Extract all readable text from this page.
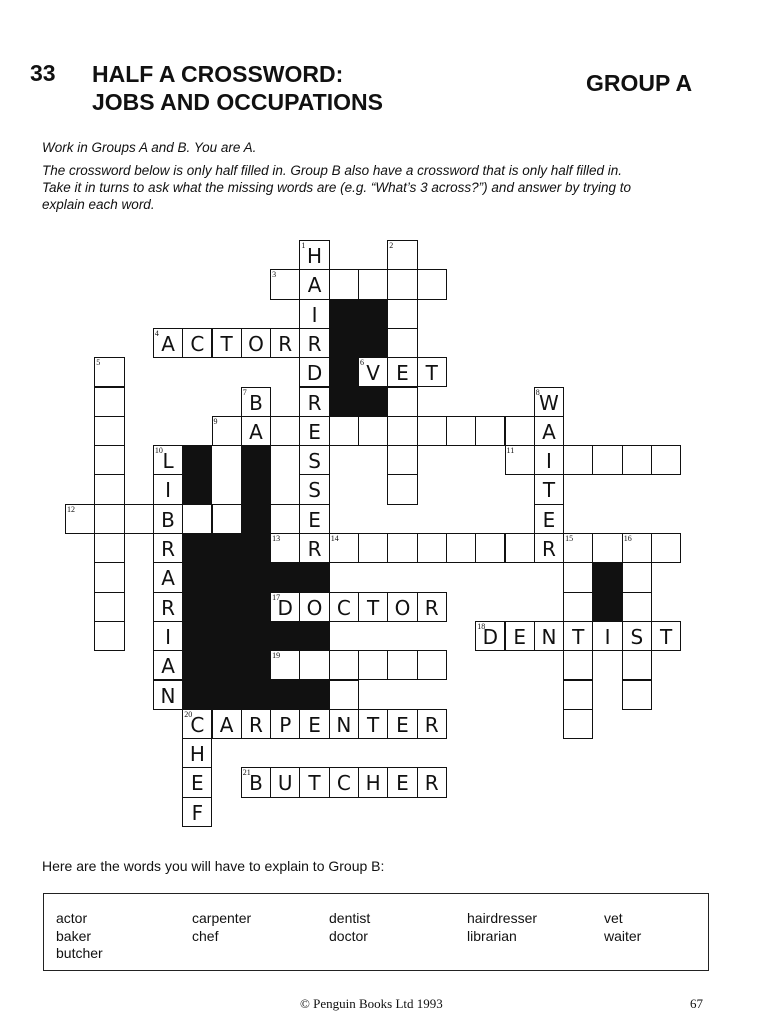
33 HALF A CROSSWORD:
JOBS AND OCCUPATIONS
GROUP A

Work in Groups A and B. You are A.

The crossword below is only half filled in. Group B also have a crossword that is only half filled in. Take it in turns to ask what the missing words are (e.g. “What’s 3 across?”) and answer by trying to explain each word.

5
2
E
3	A
9	A	E	A
11	I
12	B
13	R	14	R	15	16
T	S
19
N
1 H
I
R
D
R
S
S
E
4 A C T O R
6 V	T
7 B	8 W
T
E
10 L
I
R
A
R
I
A
N
17
D O C T O R
18
D E N	I	T
20
C A R P E	T E R
H
E
F
21
B U T C H E R
Here are the words you will have to explain to Group B:
actor
baker
butcher
carpenter
chef
dentist
doctor
hairdresser
librarian
vet
waiter
© Penguin Books Ltd 1993	67
